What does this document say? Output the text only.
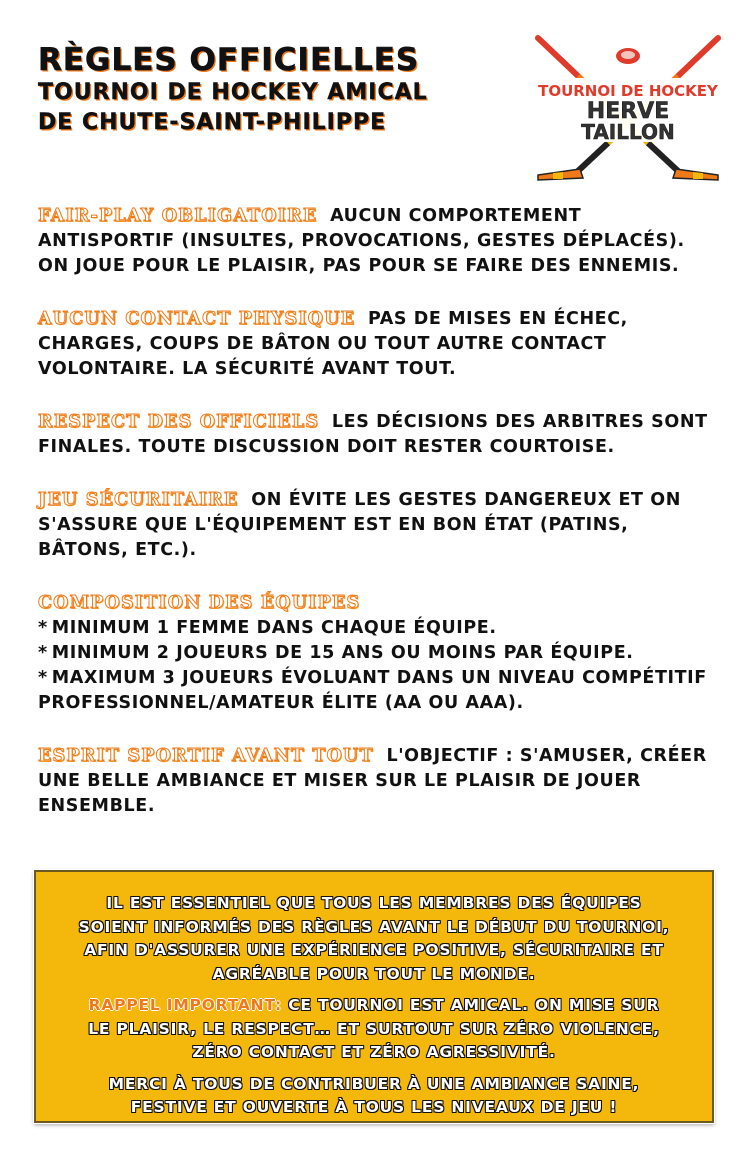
RÈGLES OFFICIELLES
TOURNOI DE HOCKEY AMICAL
DE CHUTE-SAINT-PHILIPPE
TOURNOI DE HOCKEY
HERVE
TAILLON
FAIR-PLAY OBLIGATOIRE AUCUN COMPORTEMENT ANTISPORTIF (INSULTES, PROVOCATIONS, GESTES DÉPLACÉS). ON JOUE POUR LE PLAISIR, PAS POUR SE FAIRE DES ENNEMIS.
AUCUN CONTACT PHYSIQUE PAS DE MISES EN ÉCHEC, CHARGES, COUPS DE BÂTON OU TOUT AUTRE CONTACT VOLONTAIRE. LA SÉCURITÉ AVANT TOUT.
RESPECT DES OFFICIELS LES DÉCISIONS DES ARBITRES SONT FINALES. TOUTE DISCUSSION DOIT RESTER COURTOISE.
JEU SÉCURITAIRE ON ÉVITE LES GESTES DANGEREUX ET ON S'ASSURE QUE L'ÉQUIPEMENT EST EN BON ÉTAT (PATINS, BÂTONS, ETC.).
COMPOSITION DES ÉQUIPES
* MINIMUM 1 FEMME DANS CHAQUE ÉQUIPE.
* MINIMUM 2 JOUEURS DE 15 ANS OU MOINS PAR ÉQUIPE.
* MAXIMUM 3 JOUEURS ÉVOLUANT DANS UN NIVEAU COMPÉTITIF PROFESSIONNEL/AMATEUR ÉLITE (AA OU AAA).
ESPRIT SPORTIF AVANT TOUT L'OBJECTIF : S'AMUSER, CRÉER UNE BELLE AMBIANCE ET MISER SUR LE PLAISIR DE JOUER ENSEMBLE.

IL EST ESSENTIEL QUE TOUS LES MEMBRES DES ÉQUIPES SOIENT INFORMÉS DES RÈGLES AVANT LE DÉBUT DU TOURNOI, AFIN D'ASSURER UNE EXPÉRIENCE POSITIVE, SÉCURITAIRE ET AGRÉABLE POUR TOUT LE MONDE.

RAPPEL IMPORTANT: CE TOURNOI EST AMICAL. ON MISE SUR LE PLAISIR, LE RESPECT… ET SURTOUT SUR ZÉRO VIOLENCE, ZÉRO CONTACT ET ZÉRO AGRESSIVITÉ.

MERCI À TOUS DE CONTRIBUER À UNE AMBIANCE SAINE, FESTIVE ET OUVERTE À TOUS LES NIVEAUX DE JEU !
